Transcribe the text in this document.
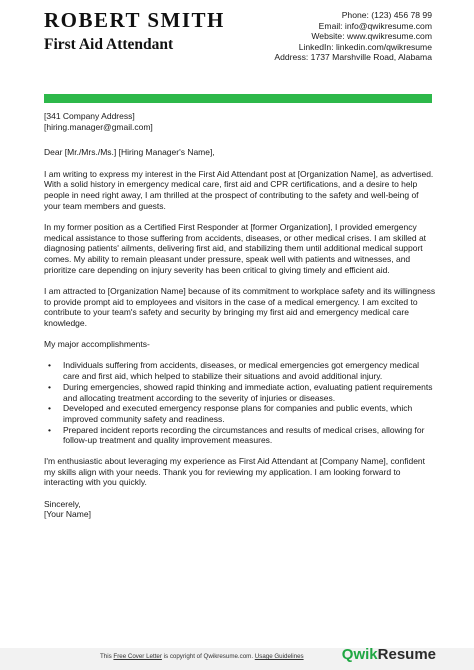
ROBERT SMITH
First Aid Attendant
Phone: (123) 456 78 99
Email: info@qwikresume.com
Website: www.qwikresume.com
LinkedIn: linkedin.com/qwikresume
Address: 1737 Marshville Road, Alabama
[341 Company Address]
[hiring.manager@gmail.com]

Dear [Mr./Mrs./Ms.] [Hiring Manager's Name],

I am writing to express my interest in the First Aid Attendant post at [Organization Name], as advertised. With a solid history in emergency medical care, first aid and CPR certifications, and a desire to help people in need right away, I am thrilled at the prospect of contributing to the safety and well-being of your team members and guests.

In my former position as a Certified First Responder at [former Organization], I provided emergency medical assistance to those suffering from accidents, diseases, or other medical crises. I am skilled at diagnosing patients' ailments, delivering first aid, and stabilizing them until additional medical support comes. My ability to remain pleasant under pressure, speak well with patients and witnesses, and prioritize care depending on injury severity has been critical to giving timely and efficient aid.

I am attracted to [Organization Name] because of its commitment to workplace safety and its willingness to provide prompt aid to employees and visitors in the case of a medical emergency. I am excited to contribute to your team's safety and security by bringing my first aid and emergency medical care knowledge.

My major accomplishments-

• Individuals suffering from accidents, diseases, or medical emergencies got emergency medical care and first aid, which helped to stabilize their situations and avoid additional injury.
• During emergencies, showed rapid thinking and immediate action, evaluating patient requirements and allocating treatment according to the severity of injuries or diseases.
• Developed and executed emergency response plans for companies and public events, which improved community safety and readiness.
• Prepared incident reports recording the circumstances and results of medical crises, allowing for follow-up treatment and quality improvement measures.

I'm enthusiastic about leveraging my experience as First Aid Attendant at [Company Name], confident my skills align with your needs. Thank you for reviewing my application. I am looking forward to interacting with you quickly.

Sincerely,
[Your Name]
This Free Cover Letter is copyright of Qwikresume.com. Usage Guidelines	QwikResume
